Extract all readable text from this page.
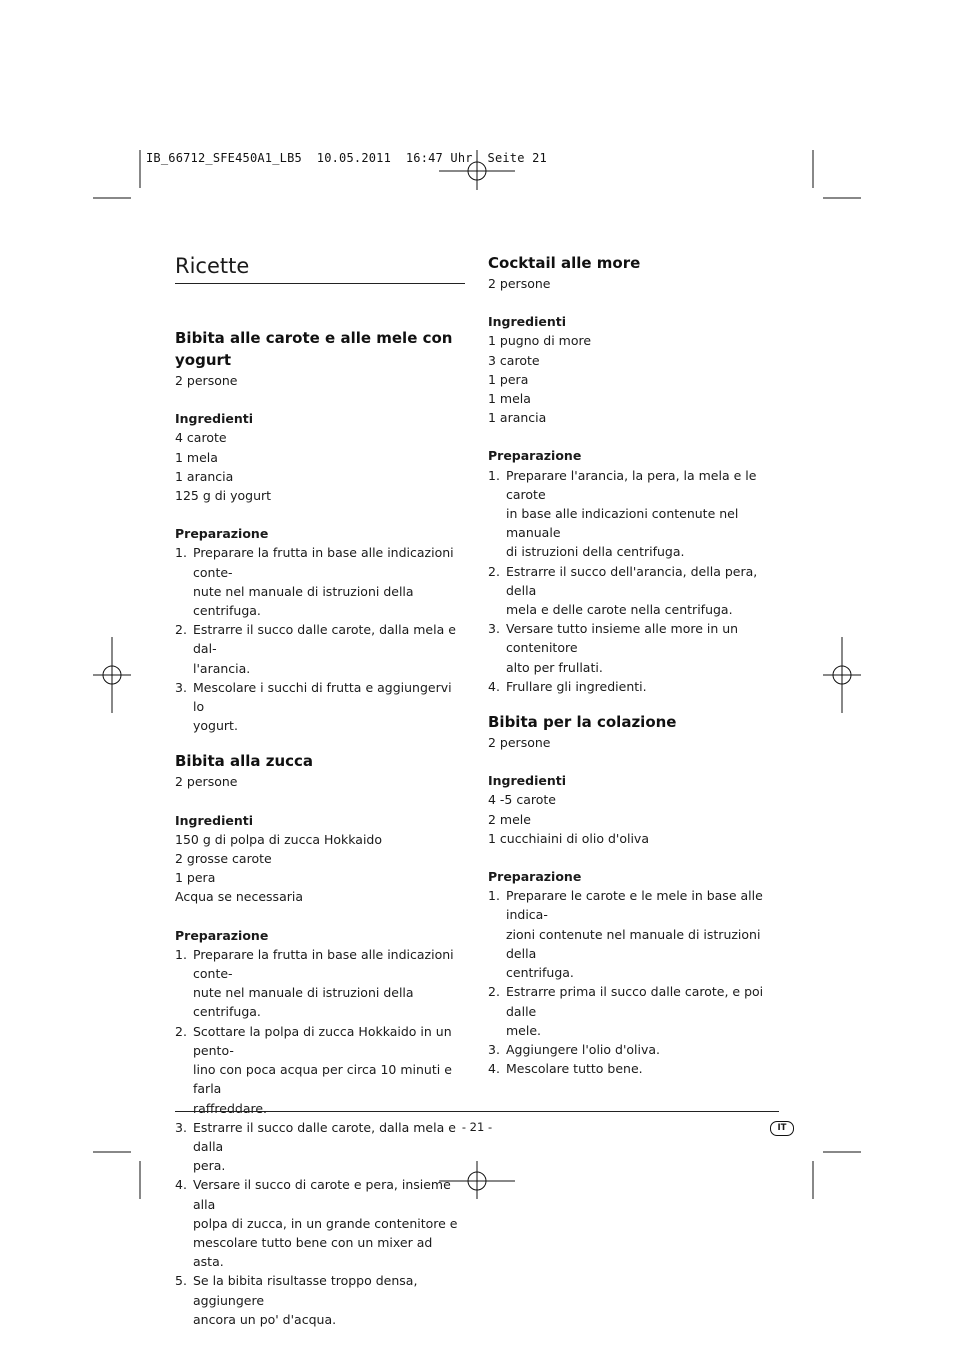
IB_66712_SFE450A1_LB5  10.05.2011  16:47 Uhr  Seite 21
Ricette
Bibita alle carote e alle mele con yogurt

2 persone

Ingredienti

4 carote

1 mela

1 arancia

125 g di yogurt

Preparazione

1. Preparare la frutta in base alle indicazioni conte-
nute nel manuale di istruzioni della centrifuga.
2. Estrarre il succo dalle carote, dalla mela e dal-
l'arancia.
3. Mescolare i succhi di frutta e aggiungervi lo
yogurt.
Bibita alla zucca

2 persone

Ingredienti

150 g di polpa di zucca Hokkaido

2 grosse carote

1 pera

Acqua se necessaria

Preparazione

1. Preparare la frutta in base alle indicazioni conte-
nute nel manuale di istruzioni della centrifuga.
2. Scottare la polpa di zucca Hokkaido in un pento-
lino con poca acqua per circa 10 minuti e farla
raffreddare.
3. Estrarre il succo dalle carote, dalla mela e dalla
pera.
4. Versare il succo di carote e pera, insieme alla
polpa di zucca, in un grande contenitore e
mescolare tutto bene con un mixer ad asta.
5. Se la bibita risultasse troppo densa, aggiungere
ancora un po' d'acqua.
Cocktail alle more

2 persone

Ingredienti

1 pugno di more

3 carote

1 pera

1 mela

1 arancia

Preparazione

1. Preparare l'arancia, la pera, la mela e le carote
in base alle indicazioni contenute nel manuale
di istruzioni della centrifuga.
2. Estrarre il succo dell'arancia, della pera, della
mela e delle carote nella centrifuga.
3. Versare tutto insieme alle more in un contenitore
alto per frullati.
4. Frullare gli ingredienti.
Bibita per la colazione

2 persone

Ingredienti

4 -5 carote

2 mele

1 cucchiaini di olio d'oliva

Preparazione

1. Preparare le carote e le mele in base alle indica-
zioni contenute nel manuale di istruzioni della
centrifuga.
2. Estrarre prima il succo dalle carote, e poi dalle
mele.
3. Aggiungere l'olio d'oliva.
4. Mescolare tutto bene.
- 21 -	IT
